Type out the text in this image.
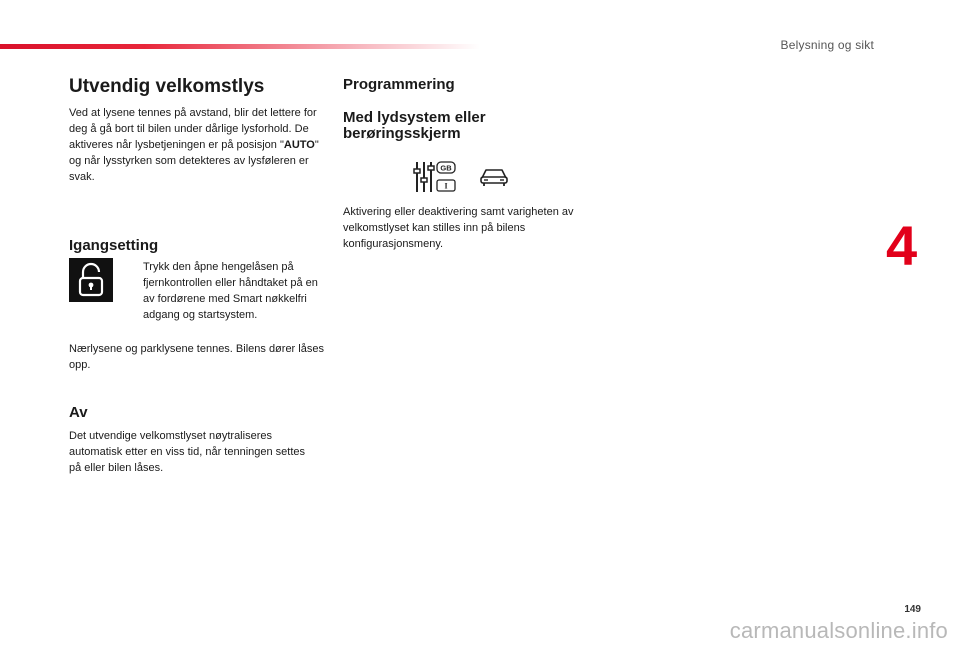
Belysning og sikt
4
Utvendig velkomstlys

Ved at lysene tennes på avstand, blir det lettere for deg å gå bort til bilen under dårlige lysforhold. De aktiveres når lysbetjeningen er på posisjon "AUTO" og når lysstyrken som detekteres av lysføleren er svak.

Igangsetting

Trykk den åpne hengelåsen på fjernkontrollen eller håndtaket på en av fordørene med Smart nøkkelfri adgang og startsystem.

Nærlysene og parklysene tennes. Bilens dører låses opp.

Av

Det utvendige velkomstlyset nøytraliseres automatisk etter en viss tid, når tenningen settes på eller bilen låses.

Programmering
Med lydsystem eller berøringsskjerm
GB
I

Aktivering eller deaktivering samt varigheten av velkomstlyset kan stilles inn på bilens konfigurasjonsmeny.

149
carmanualsonline.info
